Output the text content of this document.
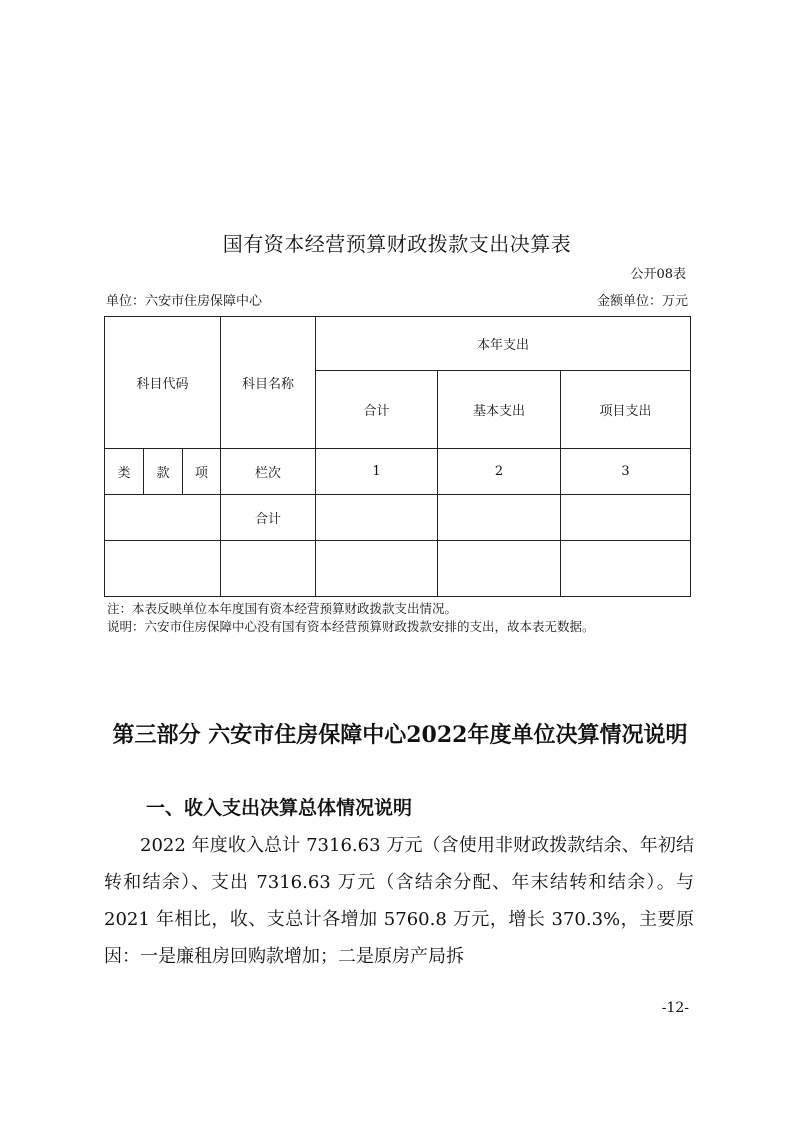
国有资本经营预算财政拨款支出决算表
公开08表
单位：六安市住房保障中心	金额单位：万元
科目代码			科目名称	本年支出		
				合计	基本支出	项目支出
类	款	项	栏次	1	2	3
			合计			

注：本表反映单位本年度国有资本经营预算财政拨款支出情况。
说明：六安市住房保障中心没有国有资本经营预算财政拨款安排的支出，故本表无数据。
第三部分 六安市住房保障中心2022年度单位决算情况说明
一、收入支出决算总体情况说明
2022 年度收入总计 7316.63 万元（含使用非财政拨款结余、年初结转和结余）、支出 7316.63 万元（含结余分配、年末结转和结余）。与 2021 年相比，收、支总计各增加 5760.8 万元，增长 370.3%，主要原因：一是廉租房回购款增加；二是原房产局拆
-12-
